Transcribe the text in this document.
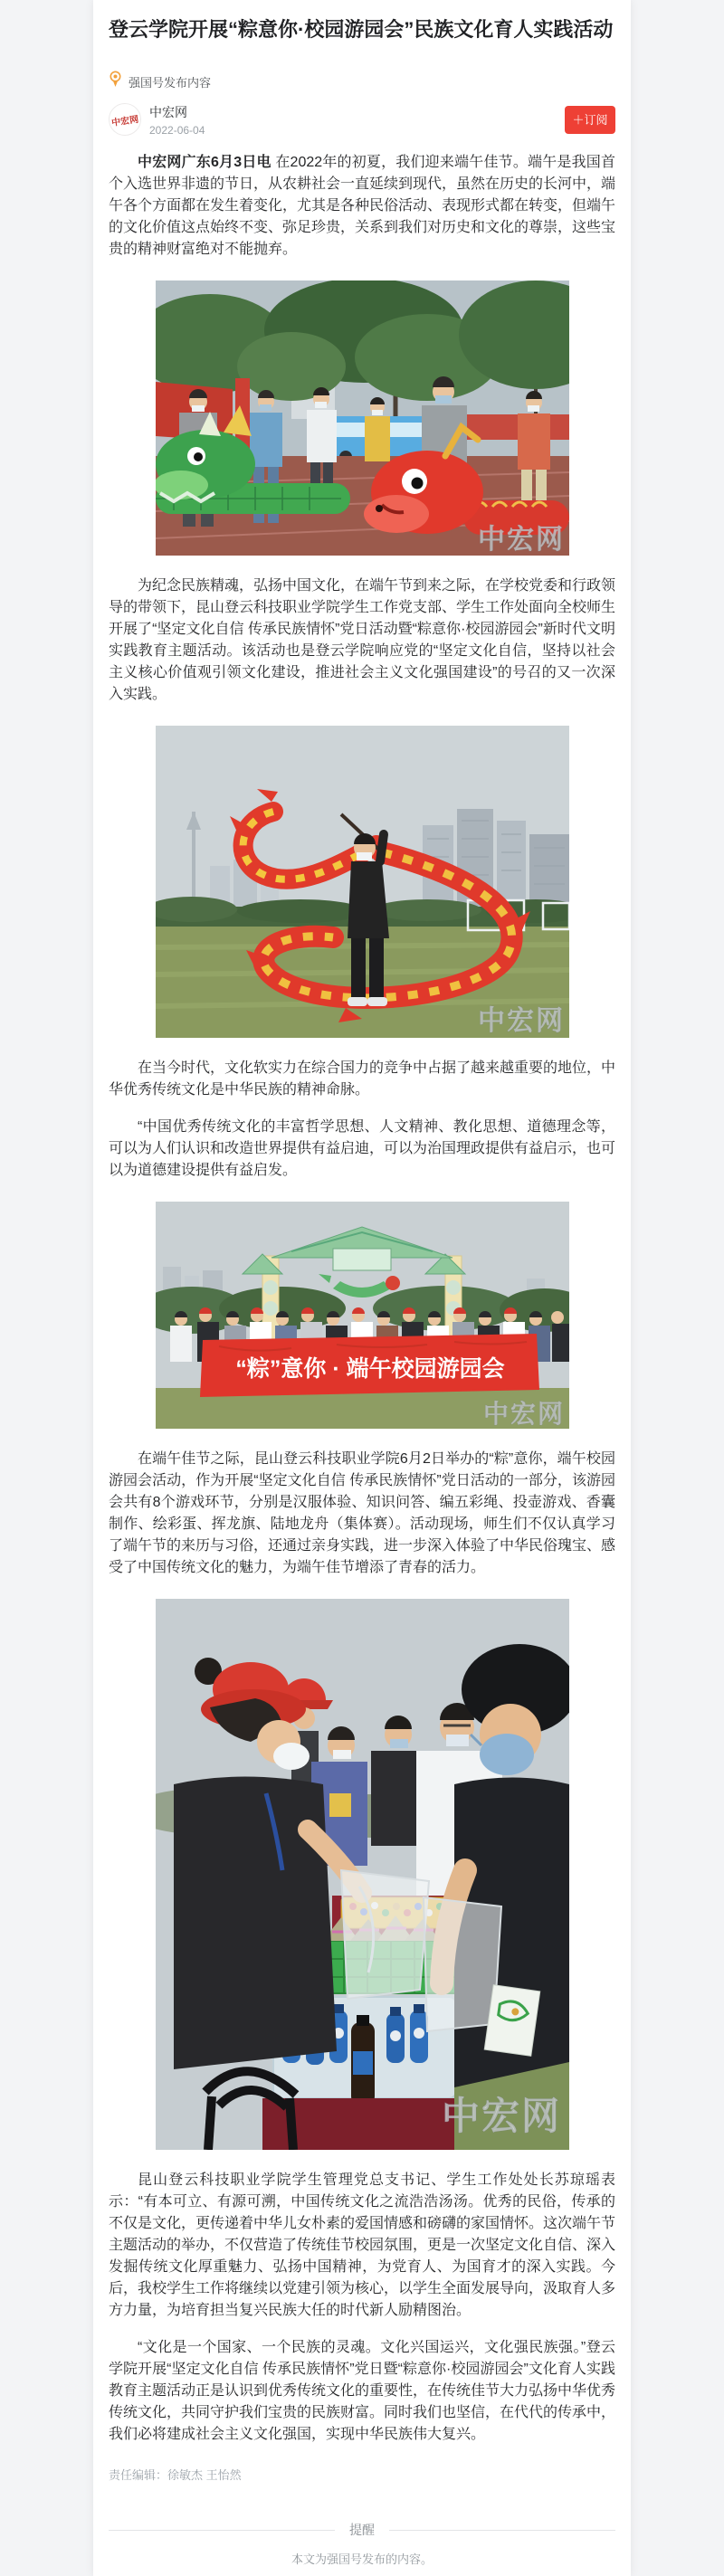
登云学院开展“粽意你·校园游园会”民族文化育人实践活动
强国号发布内容
中宏网
中宏网
2022-06-04
＋订阅

中宏网广东6月3日电 在2022年的初夏，我们迎来端午佳节。端午是我国首个入选世界非遗的节日，从农耕社会一直延续到现代，虽然在历史的长河中，端午各个方面都在发生着变化，尤其是各种民俗活动、表现形式都在转变，但端午的文化价值这点始终不变、弥足珍贵，关系到我们对历史和文化的尊崇，这些宝贵的精神财富绝对不能抛弃。

中宏网

为纪念民族精魂，弘扬中国文化，在端午节到来之际，在学校党委和行政领导的带领下，昆山登云科技职业学院学生工作党支部、学生工作处面向全校师生开展了“坚定文化自信 传承民族情怀”党日活动暨“粽意你·校园游园会”新时代文明实践教育主题活动。该活动也是登云学院响应党的“坚定文化自信，坚持以社会主义核心价值观引领文化建设，推进社会主义文化强国建设”的号召的又一次深入实践。

中宏网

在当今时代，文化软实力在综合国力的竞争中占据了越来越重要的地位，中华优秀传统文化是中华民族的精神命脉。

“中国优秀传统文化的丰富哲学思想、人文精神、教化思想、道德理念等，可以为人们认识和改造世界提供有益启迪，可以为治国理政提供有益启示，也可以为道德建设提供有益启发。

“粽”意你 · 端午校园游园会
中宏网

在端午佳节之际，昆山登云科技职业学院6月2日举办的“粽”意你，端午校园游园会活动，作为开展“坚定文化自信 传承民族情怀”党日活动的一部分，该游园会共有8个游戏环节，分别是汉服体验、知识问答、编五彩绳、投壶游戏、香囊制作、绘彩蛋、挥龙旗、陆地龙舟（集体赛）。活动现场，师生们不仅认真学习了端午节的来历与习俗，还通过亲身实践，进一步深入体验了中华民俗瑰宝、感受了中国传统文化的魅力，为端午佳节增添了青春的活力。

中宏网

昆山登云科技职业学院学生管理党总支书记、学生工作处处长苏琼瑶表示：“有本可立、有源可溯，中国传统文化之流浩浩汤汤。优秀的民俗，传承的不仅是文化，更传递着中华儿女朴素的爱国情感和磅礴的家国情怀。这次端午节主题活动的举办，不仅营造了传统佳节校园氛围，更是一次坚定文化自信、深入发掘传统文化厚重魅力、弘扬中国精神，为党育人、为国育才的深入实践。今后，我校学生工作将继续以党建引领为核心，以学生全面发展导向，汲取育人多方力量，为培育担当复兴民族大任的时代新人励精图治。

“文化是一个国家、一个民族的灵魂。文化兴国运兴，文化强民族强。”登云学院开展“坚定文化自信 传承民族情怀”党日暨“粽意你·校园游园会”文化育人实践教育主题活动正是认识到优秀传统文化的重要性，在传统佳节大力弘扬中华优秀传统文化，共同守护我们宝贵的民族财富。同时我们也坚信，在代代的传承中，我们必将建成社会主义文化强国，实现中华民族伟大复兴。

责任编辑：徐敏杰 王怡然
提醒
本文为强国号发布的内容。
